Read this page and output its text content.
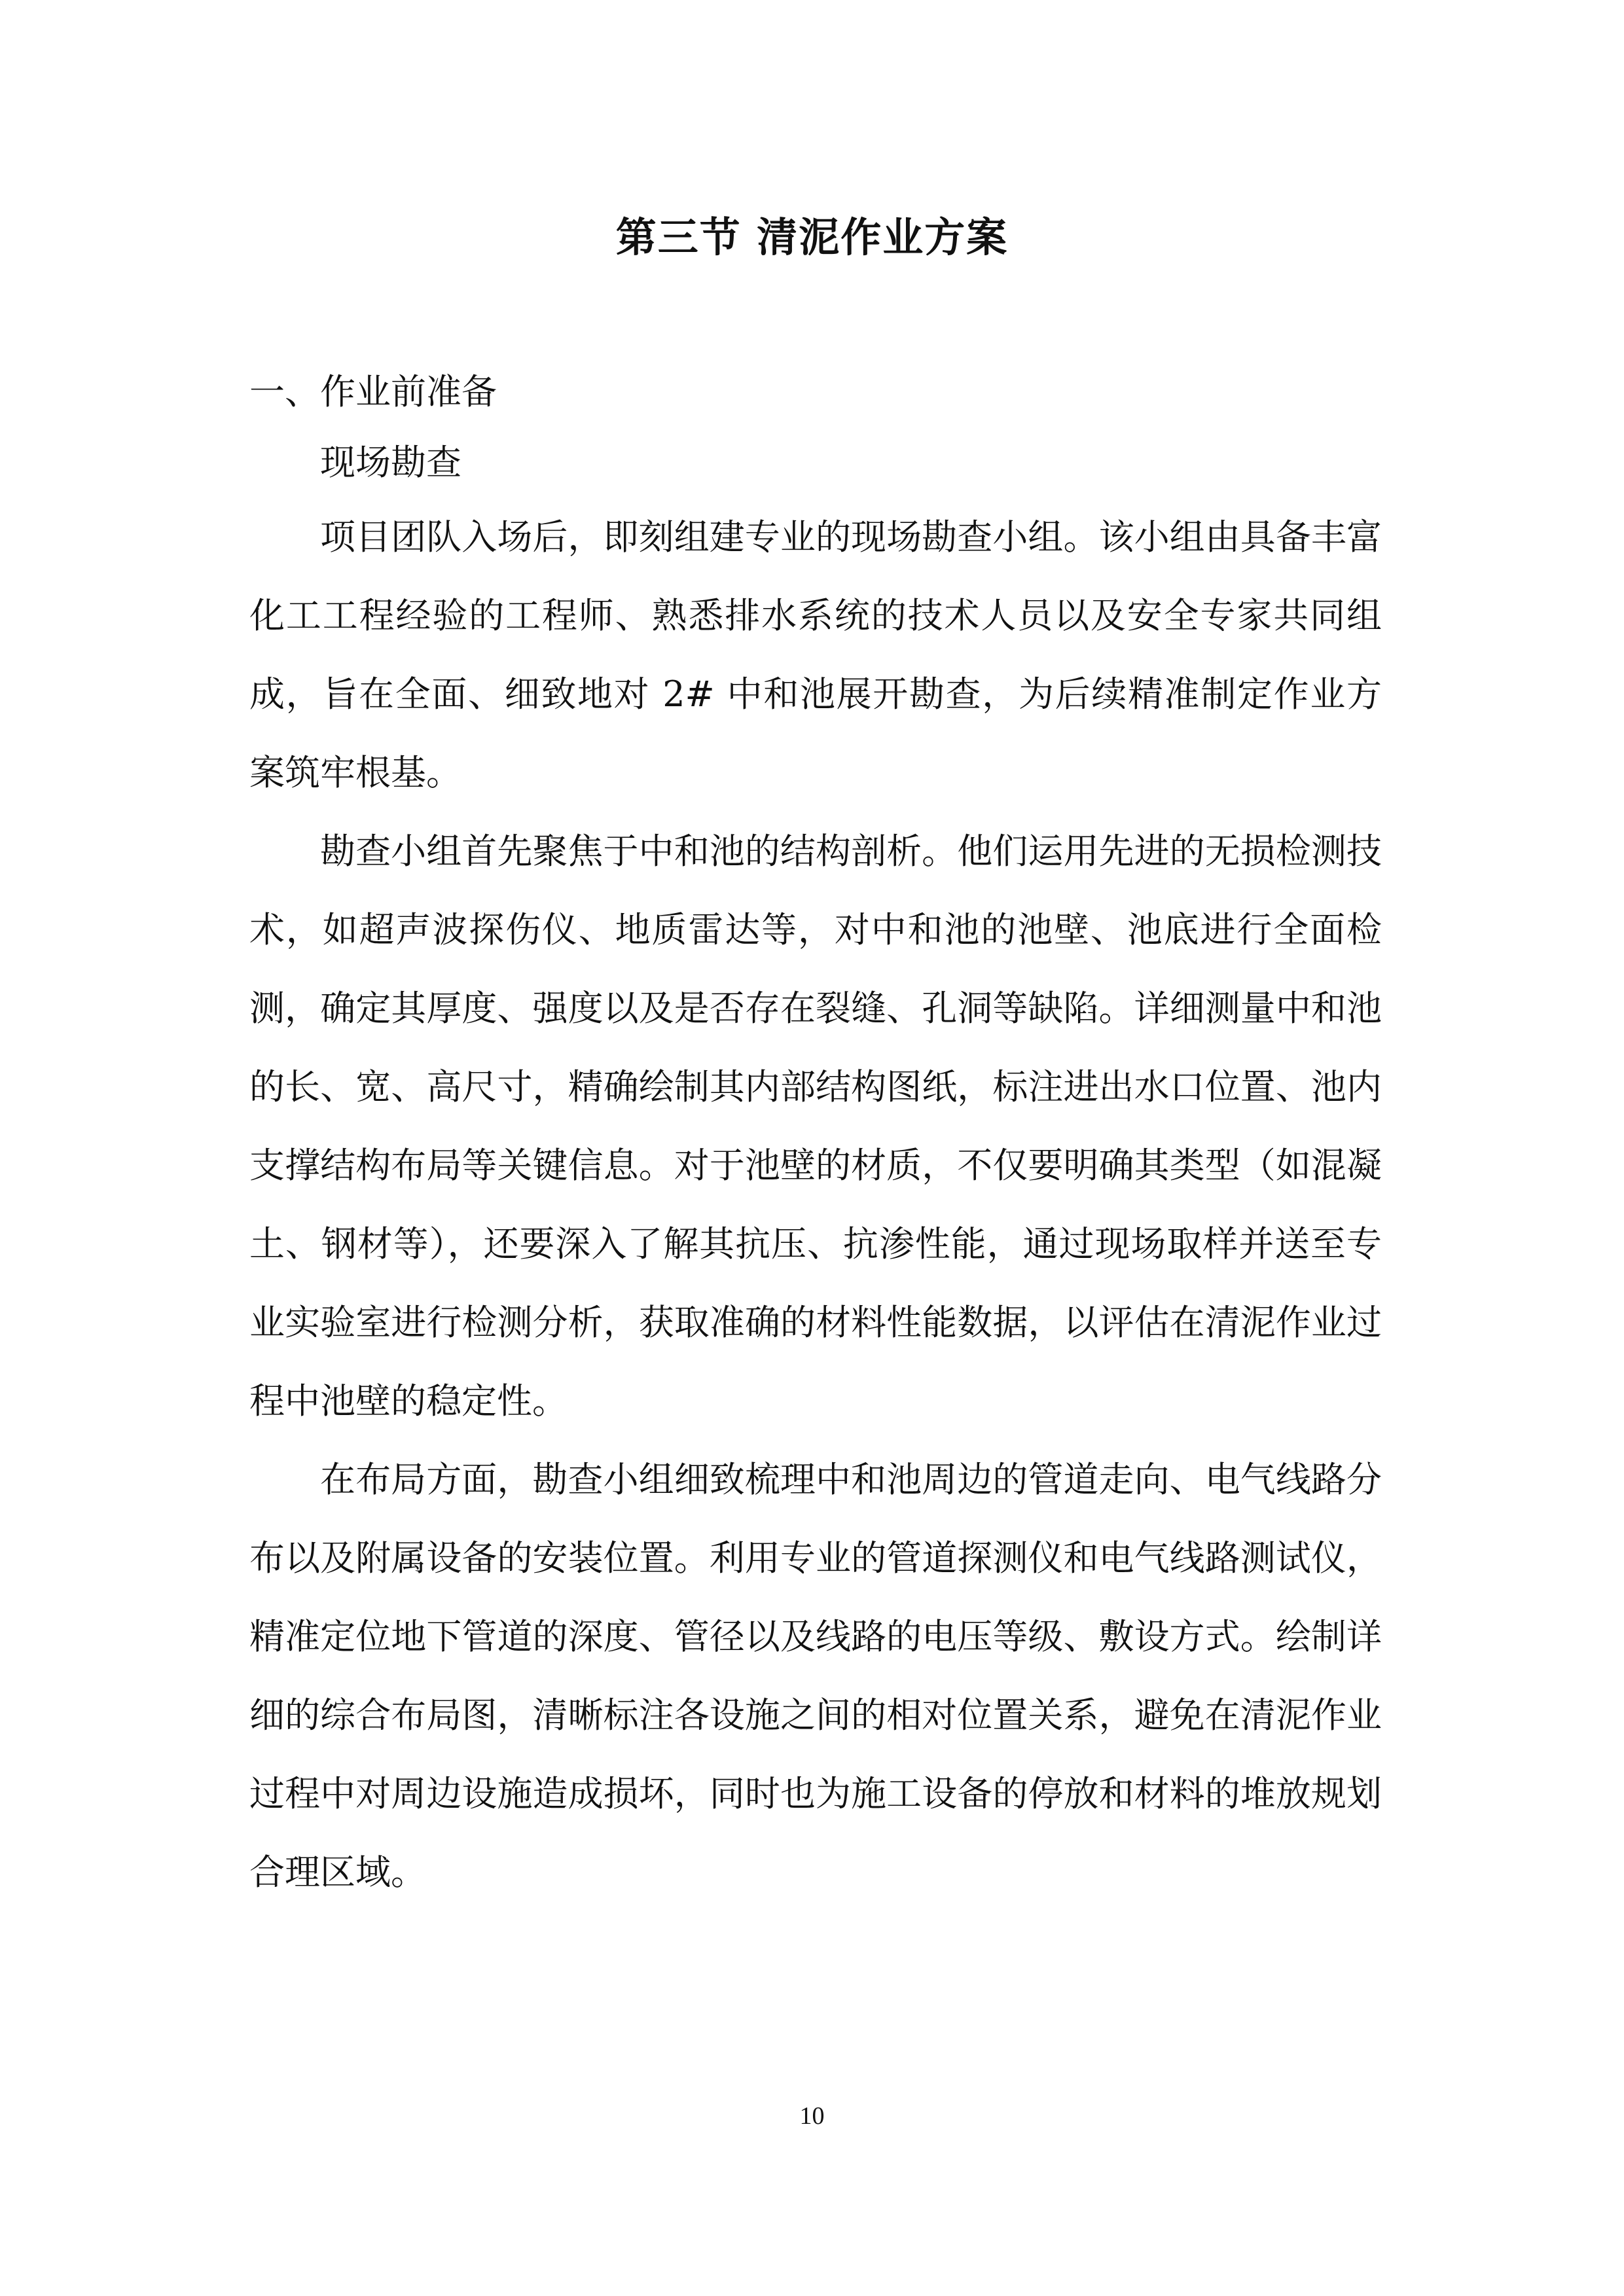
第三节 清泥作业方案

一、作业前准备

现场勘查

项目团队入场后，即刻组建专业的现场勘查小组。该小组由具备丰富化工工程经验的工程师、熟悉排水系统的技术人员以及安全专家共同组成，旨在全面、细致地对 2# 中和池展开勘查，为后续精准制定作业方案筑牢根基。

勘查小组首先聚焦于中和池的结构剖析。他们运用先进的无损检测技术，如超声波探伤仪、地质雷达等，对中和池的池壁、池底进行全面检测，确定其厚度、强度以及是否存在裂缝、孔洞等缺陷。详细测量中和池的长、宽、高尺寸，精确绘制其内部结构图纸，标注进出水口位置、池内支撑结构布局等关键信息。对于池壁的材质，不仅要明确其类型（如混凝土、钢材等），还要深入了解其抗压、抗渗性能，通过现场取样并送至专业实验室进行检测分析，获取准确的材料性能数据，以评估在清泥作业过程中池壁的稳定性。

在布局方面，勘查小组细致梳理中和池周边的管道走向、电气线路分布以及附属设备的安装位置。利用专业的管道探测仪和电气线路测试仪，精准定位地下管道的深度、管径以及线路的电压等级、敷设方式。绘制详细的综合布局图，清晰标注各设施之间的相对位置关系，避免在清泥作业过程中对周边设施造成损坏，同时也为施工设备的停放和材料的堆放规划合理区域。

10
